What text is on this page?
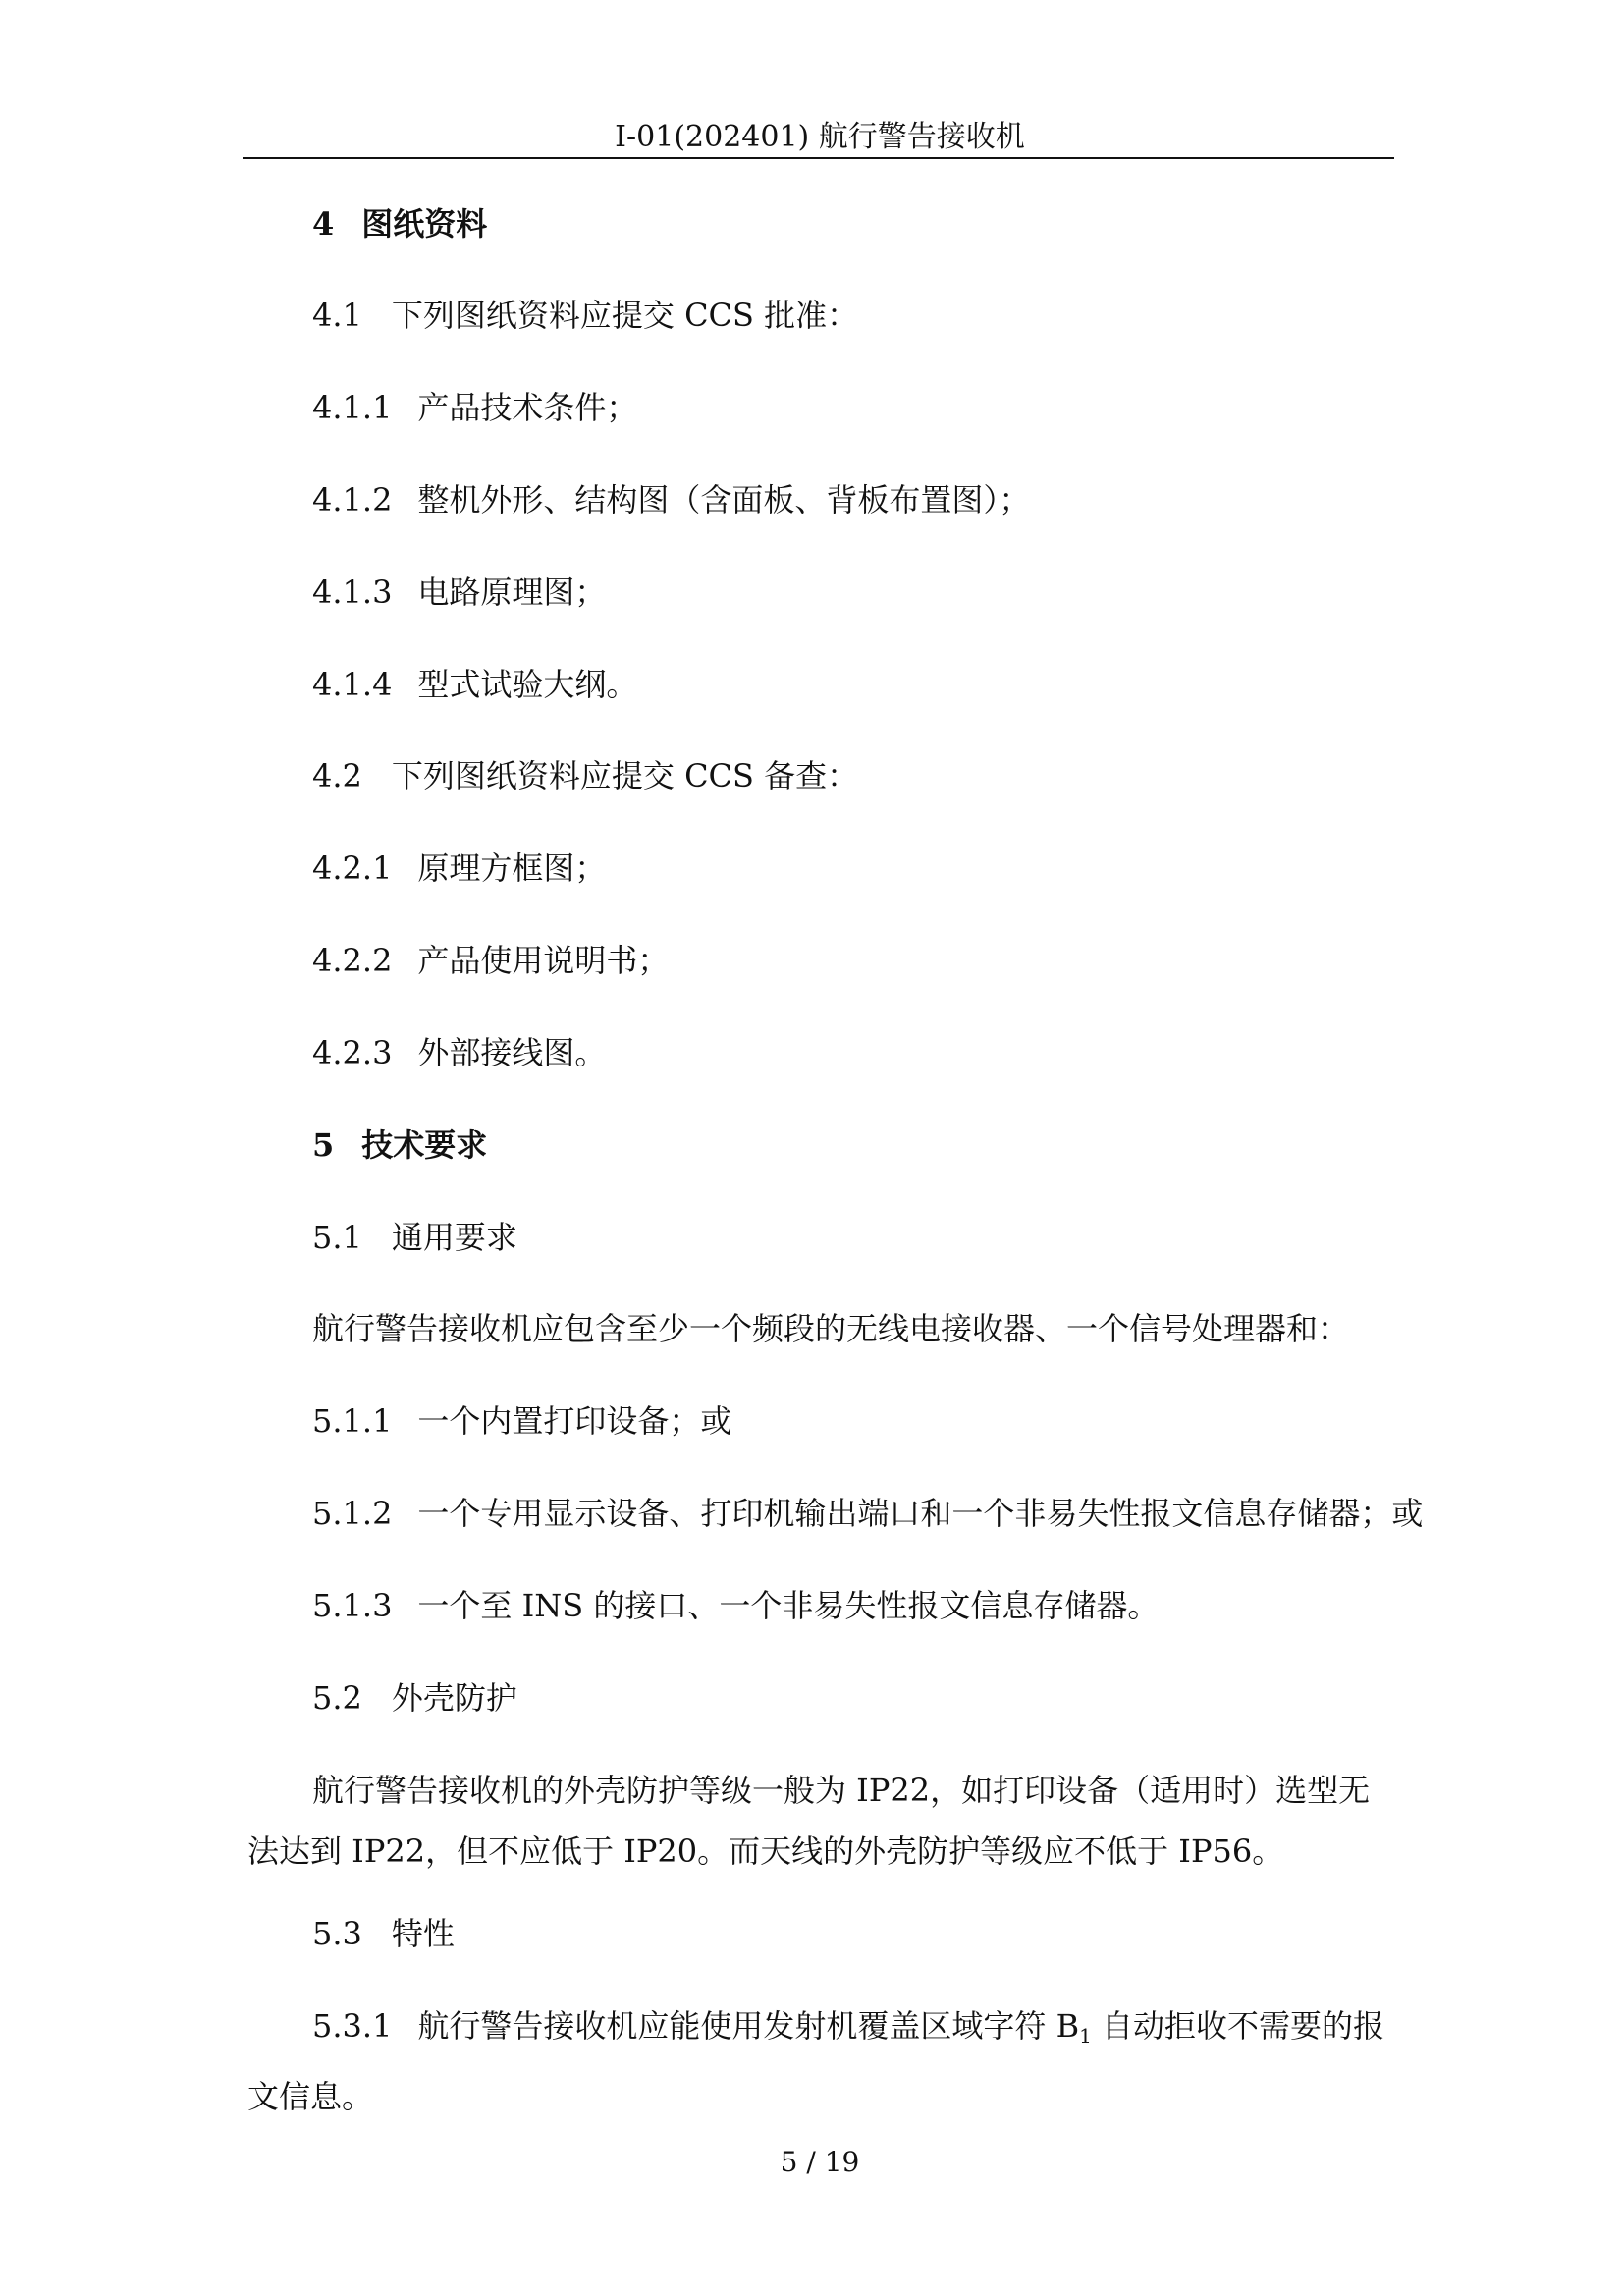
I-01(202401) 航行警告接收机
4 图纸资料
4.1 下列图纸资料应提交 CCS 批准：
4.1.1 产品技术条件；
4.1.2 整机外形、结构图（含面板、背板布置图）；
4.1.3 电路原理图；
4.1.4 型式试验大纲。
4.2 下列图纸资料应提交 CCS 备查：
4.2.1 原理方框图；
4.2.2 产品使用说明书；
4.2.3 外部接线图。
5 技术要求
5.1 通用要求
航行警告接收机应包含至少一个频段的无线电接收器、一个信号处理器和：
5.1.1 一个内置打印设备；或
5.1.2 一个专用显示设备、打印机输出端口和一个非易失性报文信息存储器；或
5.1.3 一个至 INS 的接口、一个非易失性报文信息存储器。
5.2 外壳防护
航行警告接收机的外壳防护等级一般为 IP22，如打印设备（适用时）选型无法达到 IP22，但不应低于 IP20。而天线的外壳防护等级应不低于 IP56。
5.3 特性
5.3.1 航行警告接收机应能使用发射机覆盖区域字符 $B_1$ 自动拒收不需要的报文信息。
5 / 19
